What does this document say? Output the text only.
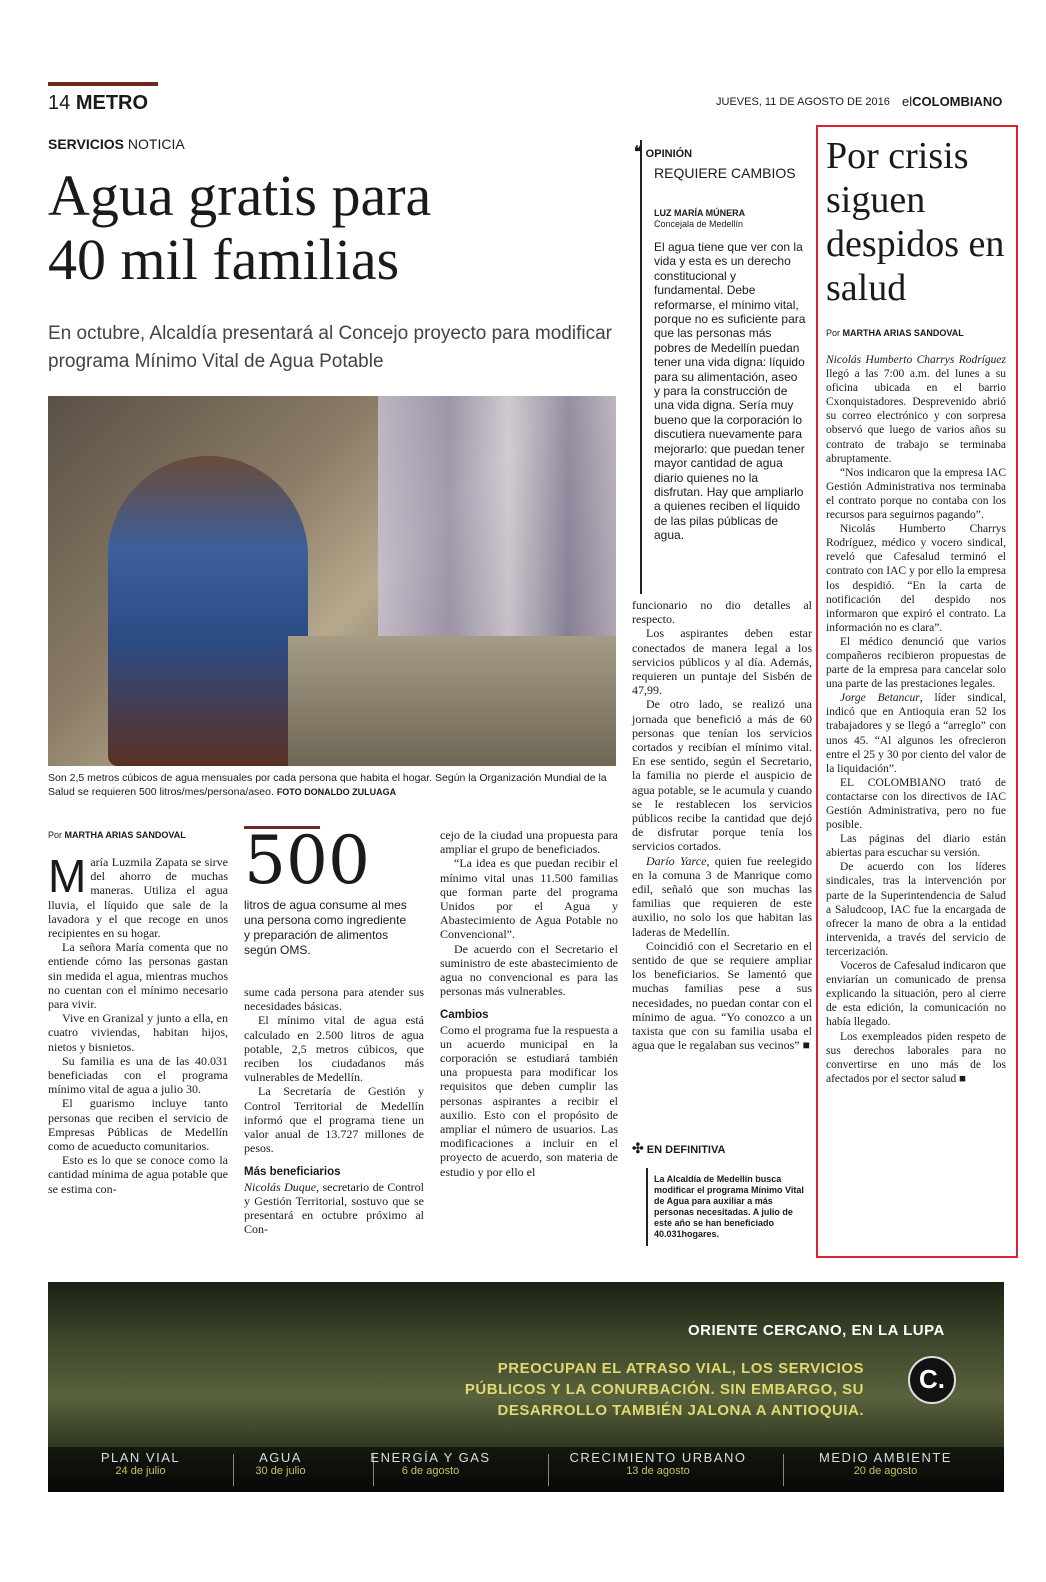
14 METRO	JUEVES, 11 DE AGOSTO DE 2016 elCOLOMBIANO
SERVICIOS NOTICIA
Agua gratis para
40 mil familias
En octubre, Alcaldía presentará al Concejo proyecto para modificar programa Mínimo Vital de Agua Potable
Son 2,5 metros cúbicos de agua mensuales por cada persona que habita el hogar. Según la Organización Mundial de la Salud se requieren 500 litros/mes/persona/aseo. FOTO DONALDO ZULUAGA
Por MARTHA ARIAS SANDOVAL

María Luzmila Zapata se sirve del ahorro de muchas maneras. Utiliza el agua lluvia, el líquido que sale de la lavadora y el que recoge en unos recipientes en su hogar.

La señora María comenta que no entiende cómo las personas gastan sin medida el agua, mientras muchos no cuentan con el mínimo necesario para vivir.

Vive en Granizal y junto a ella, en cuatro viviendas, habitan hijos, nietos y bisnietos.

Su familia es una de las 40.031 beneficiadas con el programa mínimo vital de agua a julio 30.

El guarismo incluye tanto personas que reciben el servicio de Empresas Públicas de Medellín como de acueducto comunitarios.

Esto es lo que se conoce como la cantidad mínima de agua potable que se estima con-

500
litros de agua consume al mes una persona como ingrediente y preparación de alimentos según OMS.

sume cada persona para atender sus necesidades básicas.

El mínimo vital de agua está calculado en 2.500 litros de agua potable, 2,5 metros cúbicos, que reciben los ciudadanos más vulnerables de Medellín.

La Secretaría de Gestión y Control Territorial de Medellín informó que el programa tiene un valor anual de 13.727 millones de pesos.

Más beneficiarios

Nicolás Duque, secretario de Control y Gestión Territorial, sostuvo que se presentará en octubre próximo al Con-

cejo de la ciudad una propuesta para ampliar el grupo de beneficiados.

“La idea es que puedan recibir el mínimo vital unas 11.500 familias que forman parte del programa Unidos por el Agua y Abastecimiento de Agua Potable no Convencional”.

De acuerdo con el Secretario el suministro de este abastecimiento de agua no convencional es para las personas más vulnerables.

Cambios

Como el programa fue la respuesta a un acuerdo municipal en la corporación se estudiará también una propuesta para modificar los requisitos que deben cumplir las personas aspirantes a recibir el auxilio. Esto con el propósito de ampliar el número de usuarios. Las modificaciones a incluir en el proyecto de acuerdo, son materia de estudio y por ello el

❝ OPINIÓN
REQUIERE CAMBIOS
LUZ MARÍA MÚNERA
Concejala de Medellín
El agua tiene que ver con la vida y esta es un derecho constitucional y fundamental. Debe reformarse, el mínimo vital, porque no es suficiente para que las personas más pobres de Medellín puedan tener una vida digna: líquido para su alimentación, aseo y para la construcción de una vida digna. Sería muy bueno que la corporación lo discutiera nuevamente para mejorarlo: que puedan tener mayor cantidad de agua diario quienes no la disfrutan. Hay que ampliarlo a quienes reciben el líquido de las pilas públicas de agua.

funcionario no dio detalles al respecto.

Los aspirantes deben estar conectados de manera legal a los servicios públicos y al día. Además, requieren un puntaje del Sisbén de 47,99.

De otro lado, se realizó una jornada que benefició a más de 60 personas que tenían los servicios cortados y recibían el mínimo vital. En ese sentido, según el Secretario, la familia no pierde el auspicio de agua potable, se le acumula y cuando se le restablecen los servicios públicos recibe la cantidad que dejó de disfrutar porque tenía los servicios cortados.

Darío Yarce, quien fue reelegido en la comuna 3 de Manrique como edil, señaló que son muchas las familias que requieren de este auxilio, no solo los que habitan las laderas de Medellín.

Coincidió con el Secretario en el sentido de que se requiere ampliar los beneficiarios. Se lamentó que muchas familias pese a sus necesidades, no puedan contar con el mínimo de agua. “Yo conozco a un taxista que con su familia usaba el agua que le regalaban sus vecinos” ■

✣ EN DEFINITIVA
La Alcaldía de Medellín busca modificar el programa Mínimo Vital de Agua para auxiliar a más personas necesitadas. A julio de este año se han beneficiado 40.031hogares.
Por crisis siguen despidos en salud
Por MARTHA ARIAS SANDOVAL

Nicolás Humberto Charrys Rodríguez llegó a las 7:00 a.m. del lunes a su oficina ubicada en el barrio Cxonquistadores. Desprevenido abrió su correo electrónico y con sorpresa observó que luego de varios años su contrato de trabajo se terminaba abruptamente.

“Nos indicaron que la empresa IAC Gestión Administrativa nos terminaba el contrato porque no contaba con los recursos para seguirnos pagando”.

Nicolás Humberto Charrys Rodríguez, médico y vocero sindical, reveló que Cafesalud terminó el contrato con IAC y por ello la empresa los despidió. “En la carta de notificación del despido nos informaron que expiró el contrato. La información no es clara”.

El médico denunció que varios compañeros recibieron propuestas de parte de la empresa para cancelar solo una parte de las prestaciones legales.

Jorge Betancur, líder sindical, indicó que en Antioquia eran 52 los trabajadores y se llegó a “arreglo” con unos 45. “Al algunos les ofrecieron entre el 25 y 30 por ciento del valor de la liquidación”.

EL COLOMBIANO trató de contactarse con los directivos de IAC Gestión Administrativa, pero no fue posible.

Las páginas del diario están abiertas para escuchar su versión.

De acuerdo con los líderes sindicales, tras la intervención por parte de la Superintendencia de Salud a Saludcoop, IAC fue la encargada de ofrecer la mano de obra a la entidad intervenida, a través del servicio de tercerización.

Voceros de Cafesalud indicaron que enviarían un comunicado de prensa explicando la situación, pero al cierre de esta edición, la comunicación no había llegado.

Los exempleados piden respeto de sus derechos laborales para no convertirse en uno más de los afectados por el sector salud ■

ORIENTE CERCANO, EN LA LUPA
PREOCUPAN EL ATRASO VIAL, LOS SERVICIOS
PÚBLICOS Y LA CONURBACIÓN. SIN EMBARGO, SU
DESARROLLO TAMBIÉN JALONA A ANTIOQUIA.
C.
PLAN VIAL
24 de julio
AGUA
30 de julio
ENERGÍA Y GAS
6 de agosto
CRECIMIENTO URBANO
13 de agosto
MEDIO AMBIENTE
20 de agosto
